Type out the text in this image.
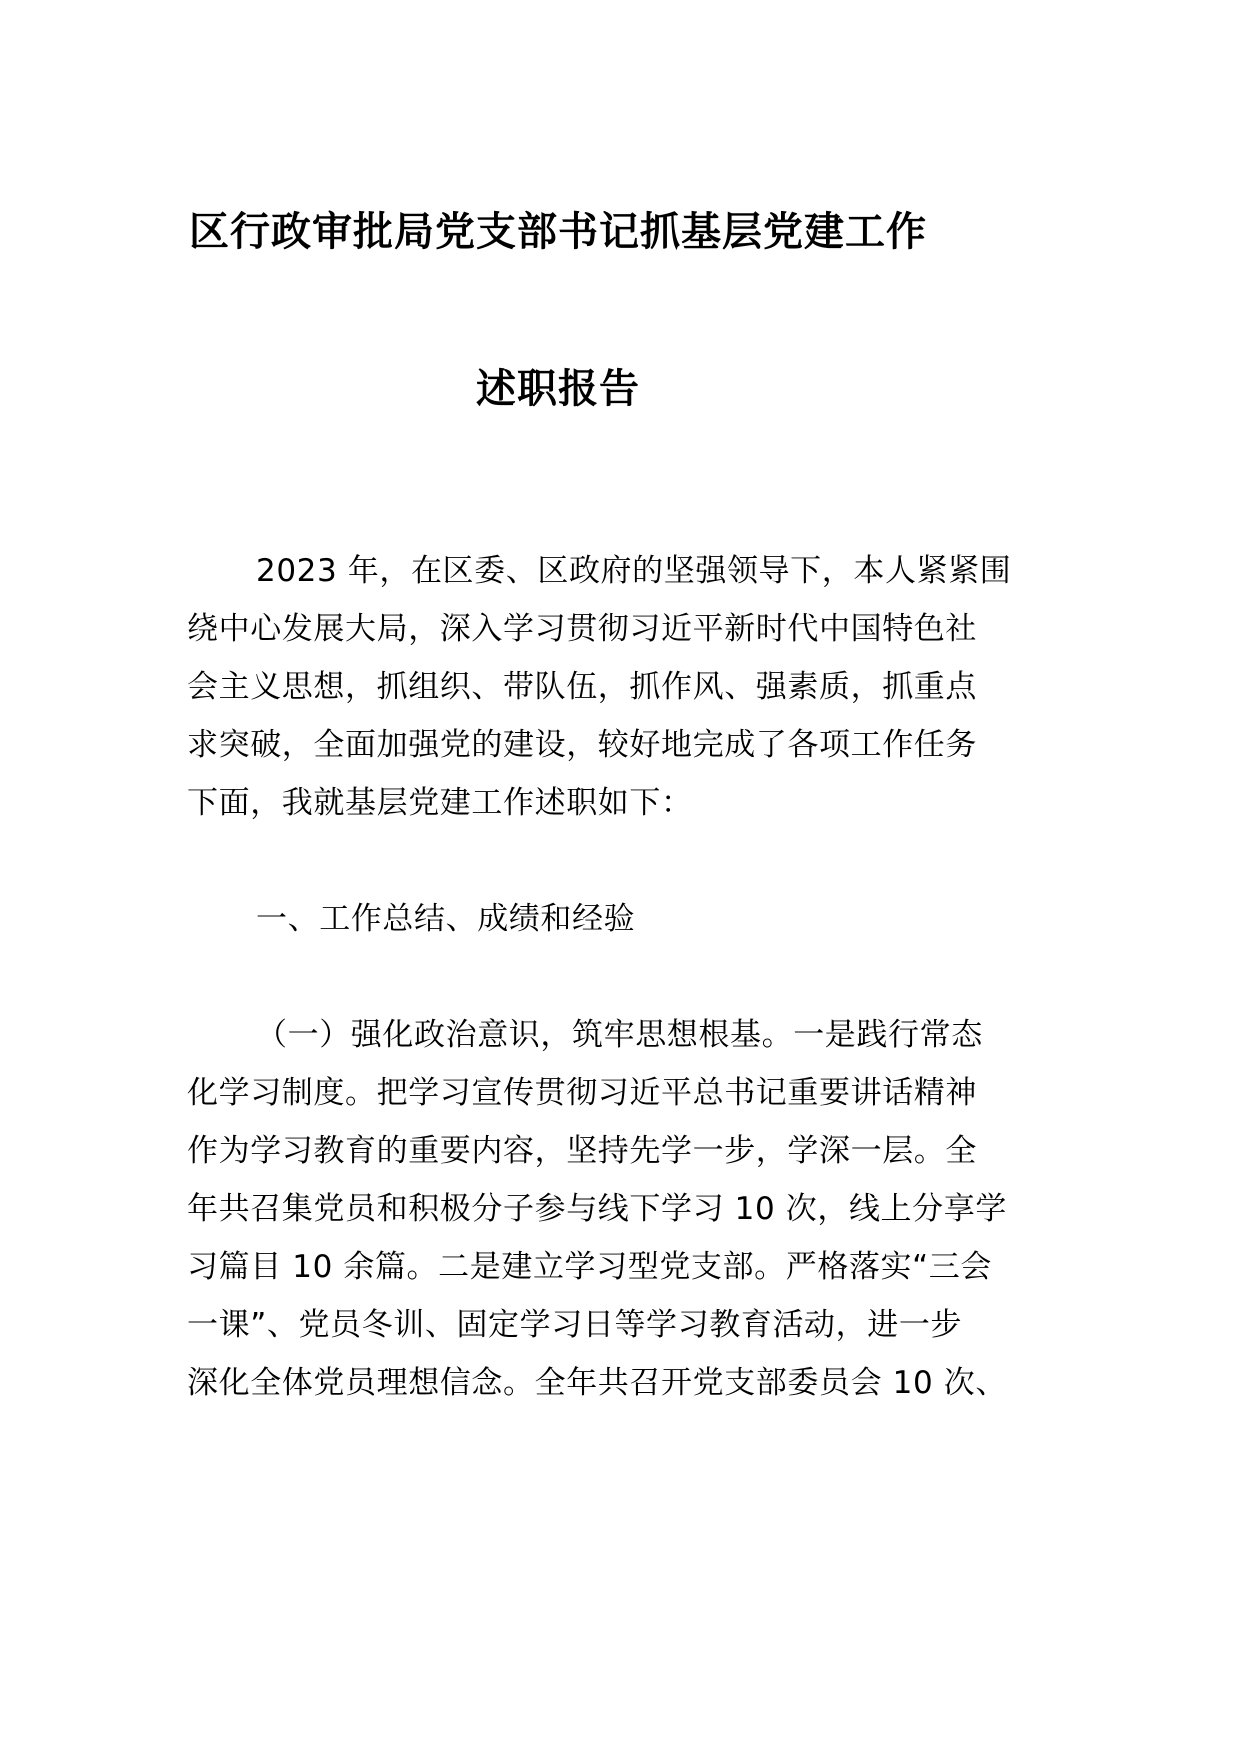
区行政审批局党支部书记抓基层党建工作
述职报告
2023 年，在区委、区政府的坚强领导下，本人紧紧围
绕中心发展大局，深入学习贯彻习近平新时代中国特色社
会主义思想，抓组织、带队伍，抓作风、强素质，抓重点
求突破，全面加强党的建设，较好地完成了各项工作任务
下面，我就基层党建工作述职如下：
一、工作总结、成绩和经验
（一）强化政治意识，筑牢思想根基。一是践行常态
化学习制度。把学习宣传贯彻习近平总书记重要讲话精神
作为学习教育的重要内容，坚持先学一步，学深一层。全
年共召集党员和积极分子参与线下学习 10 次，线上分享学
习篇目 10 余篇。二是建立学习型党支部。严格落实“三会
一课”、党员冬训、固定学习日等学习教育活动，进一步
深化全体党员理想信念。全年共召开党支部委员会 10 次、
